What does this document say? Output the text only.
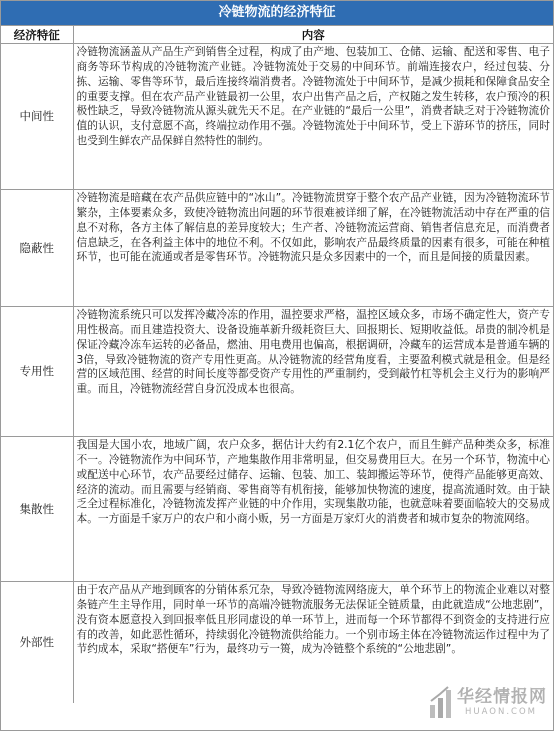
冷链物流的经济特征
经济特征	内容
中间性	冷链物流涵盖从产品生产到销售全过程，构成了由产地、包装加工、仓储、运输、配送和零售、电子商务等环节构成的冷链物流产业链。冷链物流处于交易的中间环节。前端连接农户，经过包装、分拣、运输、零售等环节，最后连接终端消费者。冷链物流处于中间环节，是减少损耗和保障食品安全的重要支撑。但在农产品产业链最初一公里，农户出售产品之后，产权随之发生转移，农户预冷的积极性缺乏，导致冷链物流从源头就先天不足。在产业链的“最后一公里”，消费者缺乏对于冷链物流价值的认识，支付意愿不高，终端拉动作用不强。冷链物流处于中间环节，受上下游环节的挤压，同时也受到生鲜农产品保鲜自然特性的制约。

隐蔽性	冷链物流是暗藏在农产品供应链中的“冰山”。冷链物流贯穿于整个农产品产业链，因为冷链物流环节繁杂，主体要素众多，致使冷链物流出问题的环节很难被详细了解，在冷链物流活动中存在严重的信息不对称，各方主体了解信息的差异度较大；生产者、冷链物流运营商、销售者信息充足，而消费者信息缺乏，在各利益主体中的地位不利。不仅如此，影响农产品最终质量的因素有很多，可能在种植环节，也可能在流通或者是零售环节。冷链物流只是众多因素中的一个，而且是间接的质量因素。

专用性	冷链物流系统只可以发挥冷藏冷冻的作用，温控要求严格，温控区域众多，市场不确定性大，资产专用性极高。而且建造投资大、设备设施革新升级耗资巨大、回报期长、短期收益低。昂贵的制冷机是保证冷藏冷冻车运转的必备品，燃油、用电费用也偏高，根据调研，冷藏车的运营成本是普通车辆的3倍，导致冷链物流的资产专用性更高。从冷链物流的经营角度看，主要盈利模式就是租金。但是经营的区域范围、经营的时间长度等都受资产专用性的严重制约，受到敲竹杠等机会主义行为的影响严重。而且，冷链物流经营自身沉没成本也很高。

集散性	我国是大国小农，地域广阔，农户众多，据估计大约有2.1亿个农户，而且生鲜产品种类众多，标准不一。冷链物流作为中间环节，产地集散作用非常明显，但交易费用巨大。在另一个环节，物流中心或配送中心环节，农产品要经过储存、运输、包装、加工、装卸搬运等环节，使得产品能够更高效、经济的流动。而且需要与经销商、零售商等有机衔接，能够加快物流的速度，提高流通时效。由于缺乏全过程标准化，冷链物流发挥产业链的中介作用，实现集散功能，也就意味着要面临较大的交易成本。一方面是千家万户的农户和小商小贩，另一方面是万家灯火的消费者和城市复杂的物流网络。

外部性	由于农产品从产地到顾客的分销体系冗杂，导致冷链物流网络庞大，单个环节上的物流企业难以对整条链产生主导作用，同时单一环节的高端冷链物流服务无法保证全链质量，由此就造成“公地悲剧”，没有资本愿意投入到回报率低且形同虚设的单一环节上，进而每一个环节都得不到资金的支持进行应有的改善，如此恶性循环，持续弱化冷链物流供给能力。一个别市场主体在冷链物流运作过程中为了节约成本，采取“搭便车”行为，最终功亏一篑，成为冷链整个系统的“公地悲剧”。
华经情报网
HUAON.COM
